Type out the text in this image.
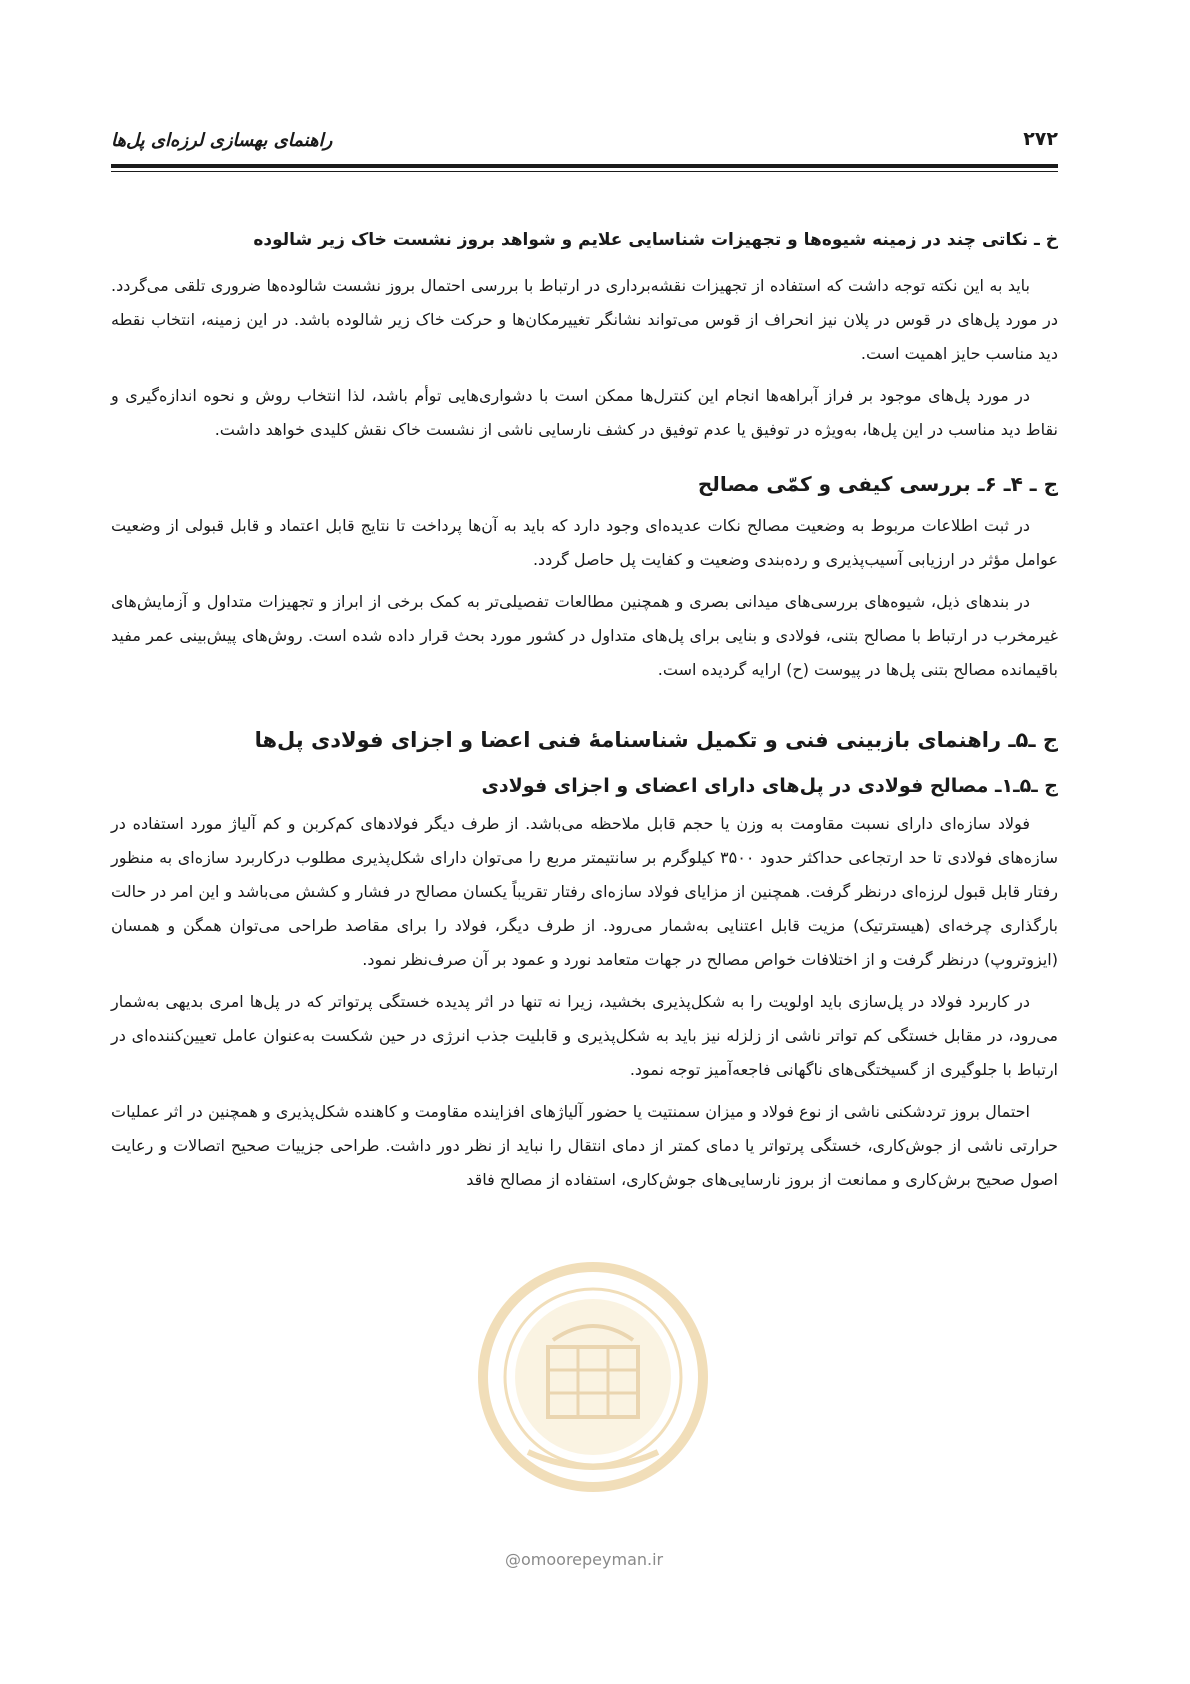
۲۷۲
راهنمای بهسازی لرزه‌ای پل‌ها
خ ـ نکاتی چند در زمینه شیوه‌ها و تجهیزات شناسایی علایم و شواهد بروز نشست خاک زیر شالوده

باید به این نکته توجه داشت که استفاده از تجهیزات نقشه‌برداری در ارتباط با بررسی احتمال بروز نشست شالوده‌ها ضروری تلقی می‌گردد. در مورد پل‌های در قوس در پلان نیز انحراف از قوس می‌تواند نشانگر تغییرمکان‌ها و حرکت خاک زیر شالوده باشد. در این زمینه، انتخاب نقطه دید مناسب حایز اهمیت است.

در مورد پل‌های موجود بر فراز آبراهه‌ها انجام این کنترل‌ها ممکن است با دشواری‌هایی توأم باشد، لذا انتخاب روش و نحوه اندازه‌گیری و نقاط دید مناسب در این پل‌ها، به‌ویژه در توفیق یا عدم توفیق در کشف نارسایی ناشی از نشست خاک نقش کلیدی خواهد داشت.

ج ـ ۴ـ ۶ـ بررسی کیفی و کمّی مصالح

در ثبت اطلاعات مربوط به وضعیت مصالح نکات عدیده‌ای وجود دارد که باید به آن‌ها پرداخت تا نتایج قابل اعتماد و قابل قبولی از وضعیت عوامل مؤثر در ارزیابی آسیب‌پذیری و رده‌بندی وضعیت و کفایت پل حاصل گردد.

در بندهای ذیل، شیوه‌های بررسی‌های میدانی بصری و همچنین مطالعات تفصیلی‌تر به کمک برخی از ابراز و تجهیزات متداول و آزمایش‌های غیرمخرب در ارتباط با مصالح بتنی، فولادی و بنایی برای پل‌های متداول در کشور مورد بحث قرار داده شده است. روش‌های پیش‌بینی عمر مفید باقیمانده مصالح بتنی پل‌ها در پیوست (ح) ارایه گردیده است.

ج ـ۵ـ راهنمای بازبینی فنی و تکمیل شناسنامهٔ فنی اعضا و اجزای فولادی پل‌ها
ج ـ۵ـ۱ـ مصالح فولادی در پل‌های دارای اعضای و اجزای فولادی

فولاد سازه‌ای دارای نسبت مقاومت به وزن یا حجم قابل ملاحظه می‌باشد. از طرف دیگر فولادهای کم‌کربن و کم آلیاژ مورد استفاده در سازه‌های فولادی تا حد ارتجاعی حداکثر حدود ۳۵۰۰ کیلوگرم بر سانتیمتر مربع را می‌توان دارای شکل‌پذیری مطلوب درکاربرد سازه‌ای به منظور رفتار قابل قبول لرزه‌ای درنظر گرفت. همچنین از مزایای فولاد سازه‌ای رفتار تقریباً یکسان مصالح در فشار و کشش می‌باشد و این امر در حالت بارگذاری چرخه‌ای (هیسترتیک) مزیت قابل اعتنایی به‌شمار می‌رود. از طرف دیگر، فولاد را برای مقاصد طراحی می‌توان همگن و همسان (ایزوتروپ) درنظر گرفت و از اختلافات خواص مصالح در جهات متعامد نورد و عمود بر آن صرف‌نظر نمود.

در کاربرد فولاد در پل‌سازی باید اولویت را به شکل‌پذیری بخشید، زیرا نه تنها در اثر پدیده خستگی پرتواتر که در پل‌ها امری بدیهی به‌شمار می‌رود، در مقابل خستگی کم تواتر ناشی از زلزله نیز باید به شکل‌پذیری و قابلیت جذب انرژی در حین شکست به‌عنوان عامل تعیین‌کننده‌ای در ارتباط با جلوگیری از گسیختگی‌های ناگهانی فاجعه‌آمیز توجه نمود.

احتمال بروز تردشکنی ناشی از نوع فولاد و میزان سمنتیت یا حضور آلیاژهای افزاینده مقاومت و کاهنده شکل‌پذیری و همچنین در اثر عملیات حرارتی ناشی از جوش‌کاری، خستگی پرتواتر یا دمای کمتر از دمای انتقال را نباید از نظر دور داشت. طراحی جزییات صحیح اتصالات و رعایت اصول صحیح برش‌کاری و ممانعت از بروز نارسایی‌های جوش‌کاری، استفاده از مصالح فاقد

@omoorepeyman.ir
